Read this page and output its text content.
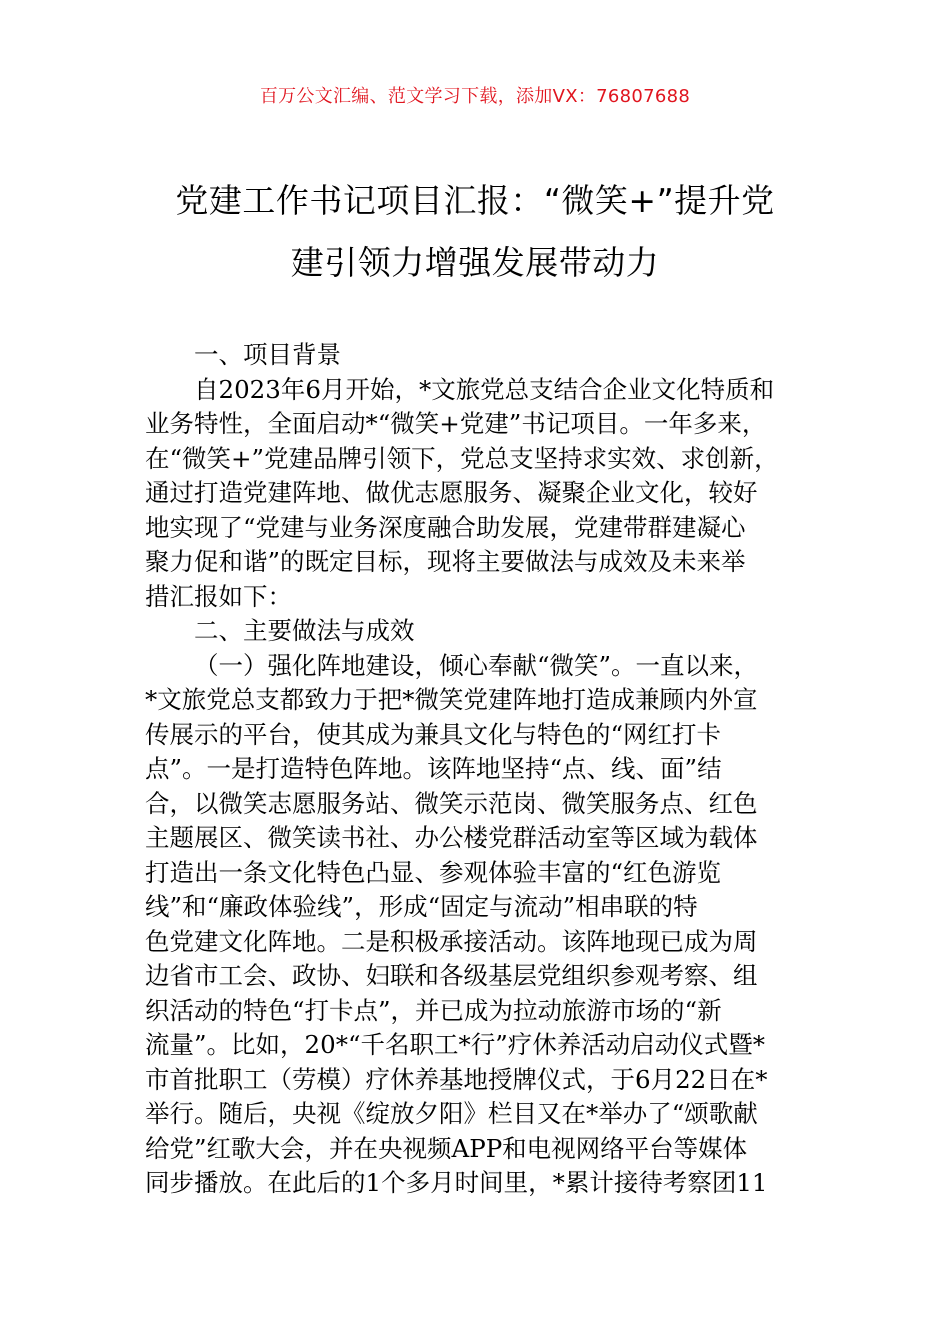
百万公文汇编、范文学习下载，添加VX：76807688
党建工作书记项目汇报：“微笑+”提升党
建引领力增强发展带动力
一、项目背景
自2023年6月开始，*文旅党总支结合企业文化特质和
业务特性，全面启动*“微笑+党建”书记项目。一年多来，
在“微笑+”党建品牌引领下，党总支坚持求实效、求创新，
通过打造党建阵地、做优志愿服务、凝聚企业文化，较好
地实现了“党建与业务深度融合助发展，党建带群建凝心
聚力促和谐”的既定目标，现将主要做法与成效及未来举
措汇报如下：
二、主要做法与成效
（一）强化阵地建设，倾心奉献“微笑”。一直以来，
*文旅党总支都致力于把*微笑党建阵地打造成兼顾内外宣
传展示的平台，使其成为兼具文化与特色的“网红打卡
点”。一是打造特色阵地。该阵地坚持“点、线、面”结
合，以微笑志愿服务站、微笑示范岗、微笑服务点、红色
主题展区、微笑读书社、办公楼党群活动室等区域为载体
打造出一条文化特色凸显、参观体验丰富的“红色游览
线”和“廉政体验线”，形成“固定与流动”相串联的特
色党建文化阵地。二是积极承接活动。该阵地现已成为周
边省市工会、政协、妇联和各级基层党组织参观考察、组
织活动的特色“打卡点”，并已成为拉动旅游市场的“新
流量”。比如，20*“千名职工*行”疗休养活动启动仪式暨*
市首批职工（劳模）疗休养基地授牌仪式，于6月22日在*
举行。随后，央视《绽放夕阳》栏目又在*举办了“颂歌献
给党”红歌大会，并在央视频APP和电视网络平台等媒体
同步播放。在此后的1个多月时间里，*累计接待考察团11
